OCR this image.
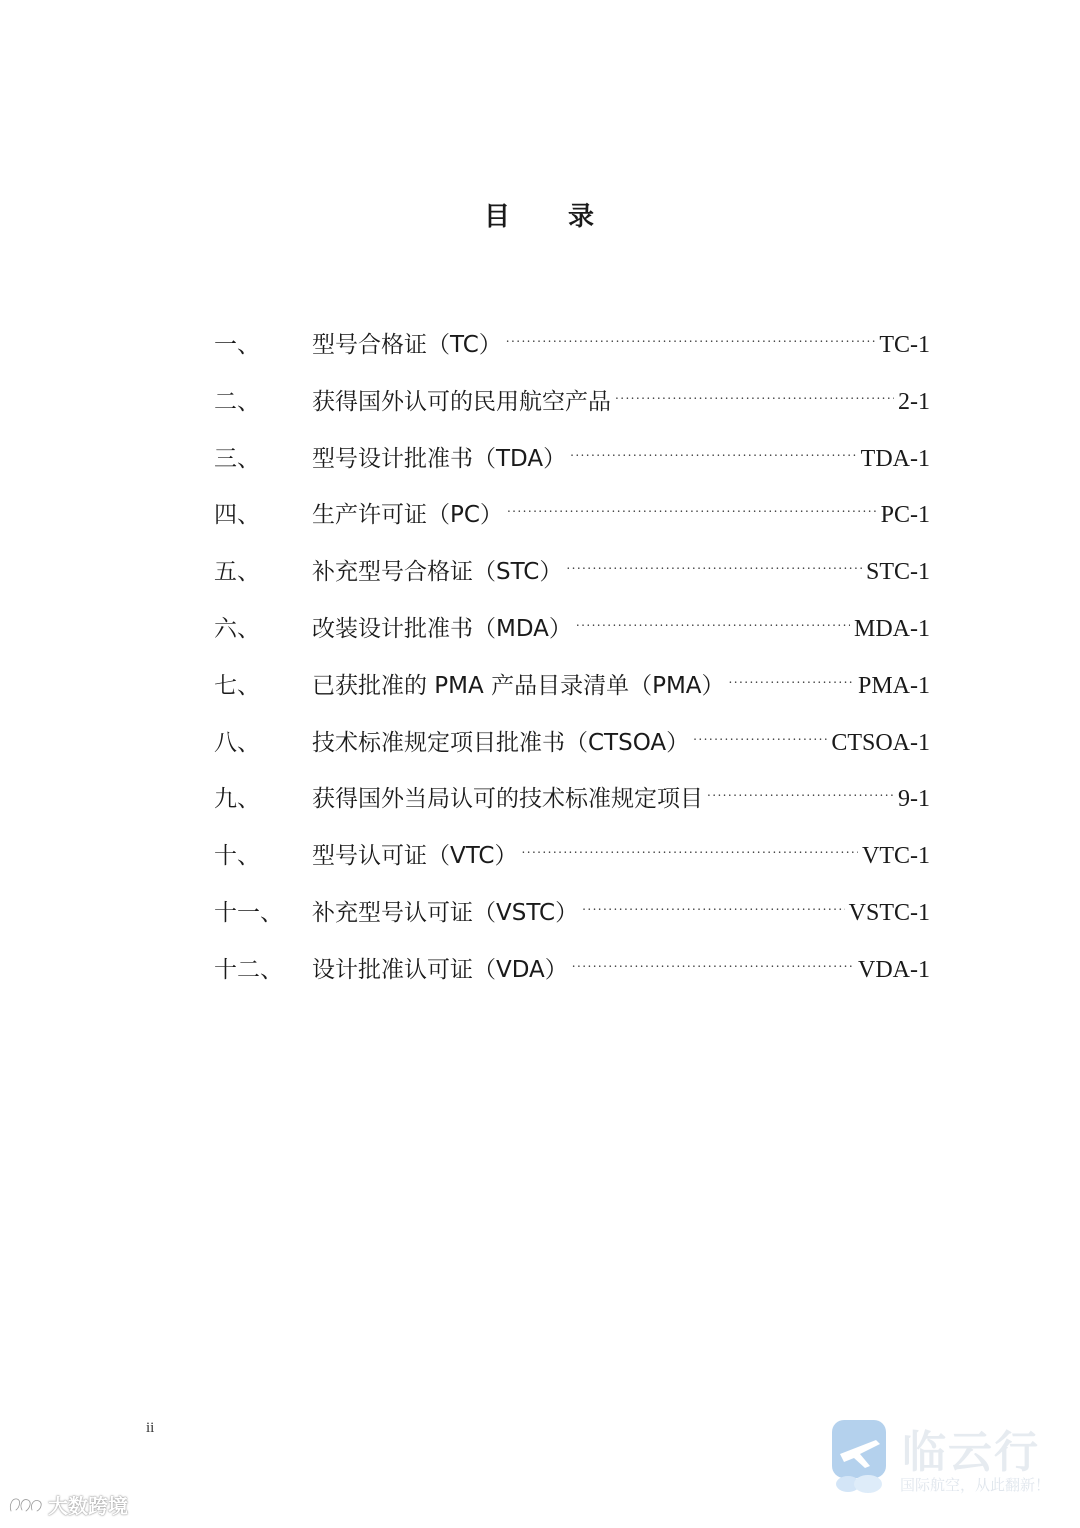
目　　录
一、	型号合格证（TC） . . .	TC-1
二、	获得国外认可的民用航空产品 . . .	2-1
三、	型号设计批准书（TDA） . . .	TDA-1
四、	生产许可证（PC） . . .	PC-1
五、	补充型号合格证（STC） . . .	STC-1
六、	改装设计批准书（MDA） . . .	MDA-1
七、	已获批准的 PMA 产品目录清单（PMA） . . .	PMA-1
八、	技术标准规定项目批准书（CTSOA） . . .	CTSOA-1
九、	获得国外当局认可的技术标准规定项目 . . .	9-1
十、	型号认可证（VTC） . . .	VTC-1
十一、	补充型号认可证（VSTC） . . .	VSTC-1
十二、	设计批准认可证（VDA） . . .	VDA-1
ii
大数跨境
临云行
国际航空，从此翻新！
